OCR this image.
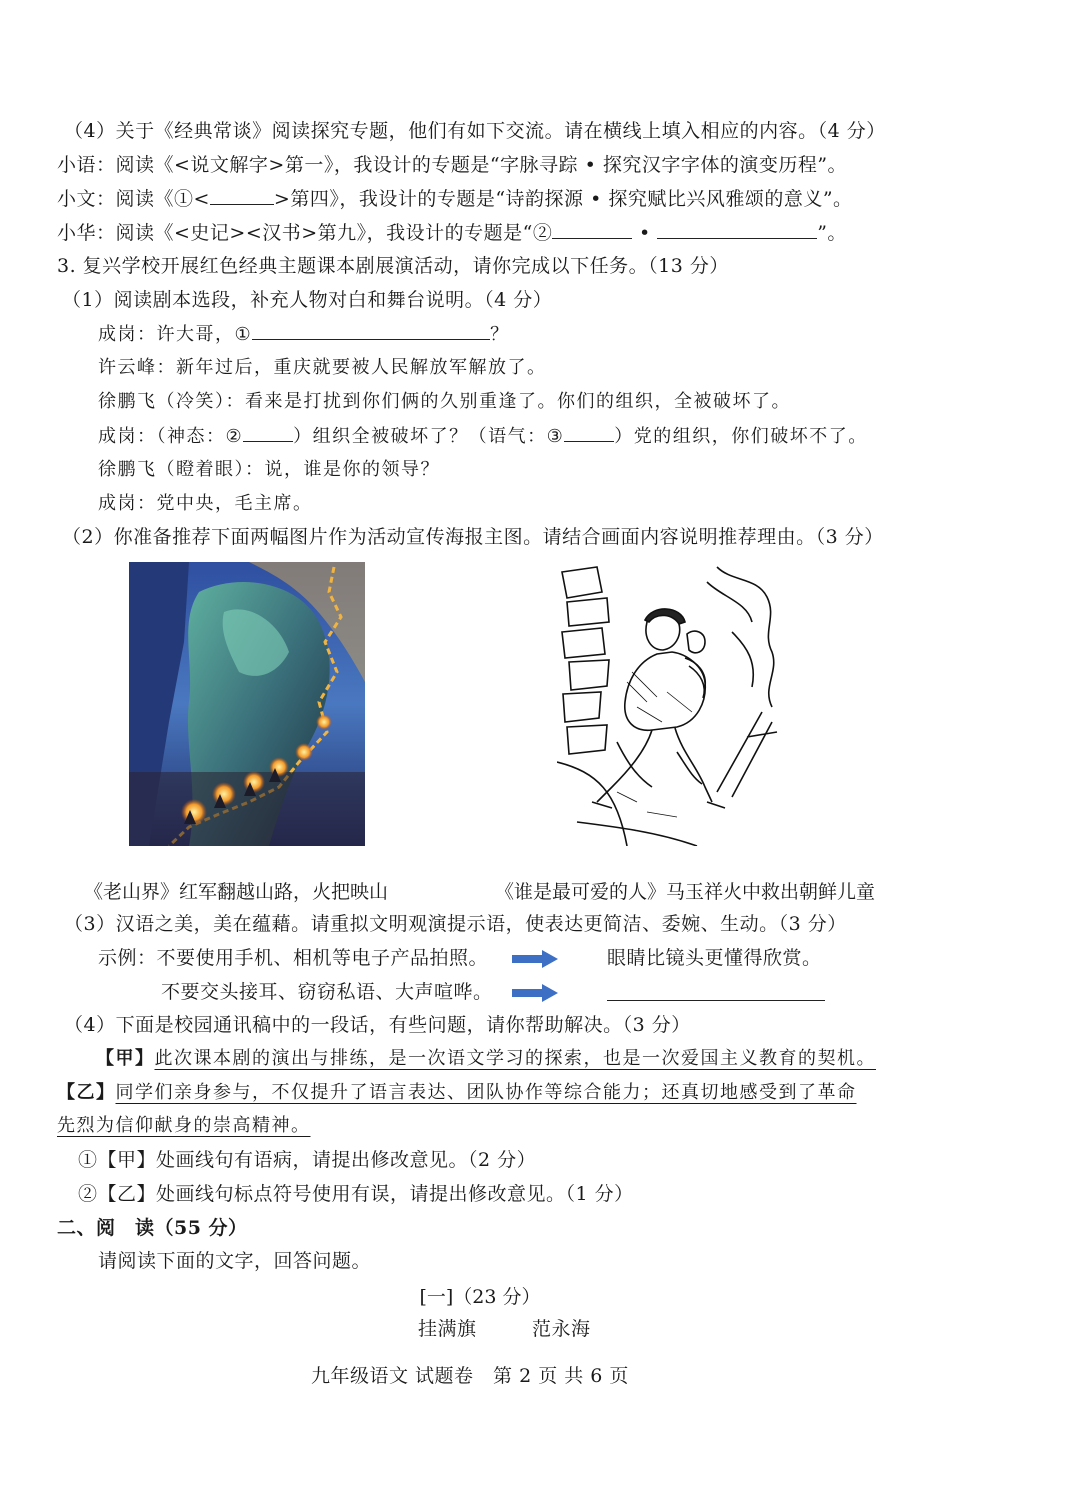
（4）关于《经典常谈》阅读探究专题，他们有如下交流。请在横线上填入相应的内容。（4 分）
小语：阅读《<说文解字>第一》，我设计的专题是“字脉寻踪 • 探究汉字字体的演变历程”。
小文：阅读《①<	>第四》，我设计的专题是“诗韵探源 • 探究赋比兴风雅颂的意义”。
小华：阅读《<史记><汉书>第九》，我设计的专题是“②	•	”。
3. 复兴学校开展红色经典主题课本剧展演活动，请你完成以下任务。（13 分）
（1）阅读剧本选段，补充人物对白和舞台说明。（4 分）
成岗：许大哥，①	？
许云峰：新年过后，重庆就要被人民解放军解放了。
徐鹏飞（冷笑）：看来是打扰到你们俩的久别重逢了。你们的组织，全被破坏了。
成岗：（神态：②	）组织全被破坏了？（语气：③	）党的组织，你们破坏不了。
徐鹏飞（瞪着眼）：说，谁是你的领导？
成岗：党中央，毛主席。
（2）你准备推荐下面两幅图片作为活动宣传海报主图。请结合画面内容说明推荐理由。（3 分）
《老山界》红军翻越山路，火把映山	《谁是最可爱的人》马玉祥火中救出朝鲜儿童
（3）汉语之美，美在蕴藉。请重拟文明观演提示语，使表达更简洁、委婉、生动。（3 分）
示例：不要使用手机、相机等电子产品拍照。	眼睛比镜头更懂得欣赏。
不要交头接耳、窃窃私语、大声喧哗。
（4）下面是校园通讯稿中的一段话，有些问题，请你帮助解决。（3 分）
【甲】此次课本剧的演出与排练，是一次语文学习的探索，也是一次爱国主义教育的契机。
【乙】同学们亲身参与，不仅提升了语言表达、团队协作等综合能力；还真切地感受到了革命
先烈为信仰献身的崇高精神。
①【甲】处画线句有语病，请提出修改意见。（2 分）
②【乙】处画线句标点符号使用有误，请提出修改意见。（1 分）
二、阅　读（55 分）
请阅读下面的文字，回答问题。
[一]（23 分）
挂满旗	范永海
九年级语文 试题卷　第 2 页 共 6 页
